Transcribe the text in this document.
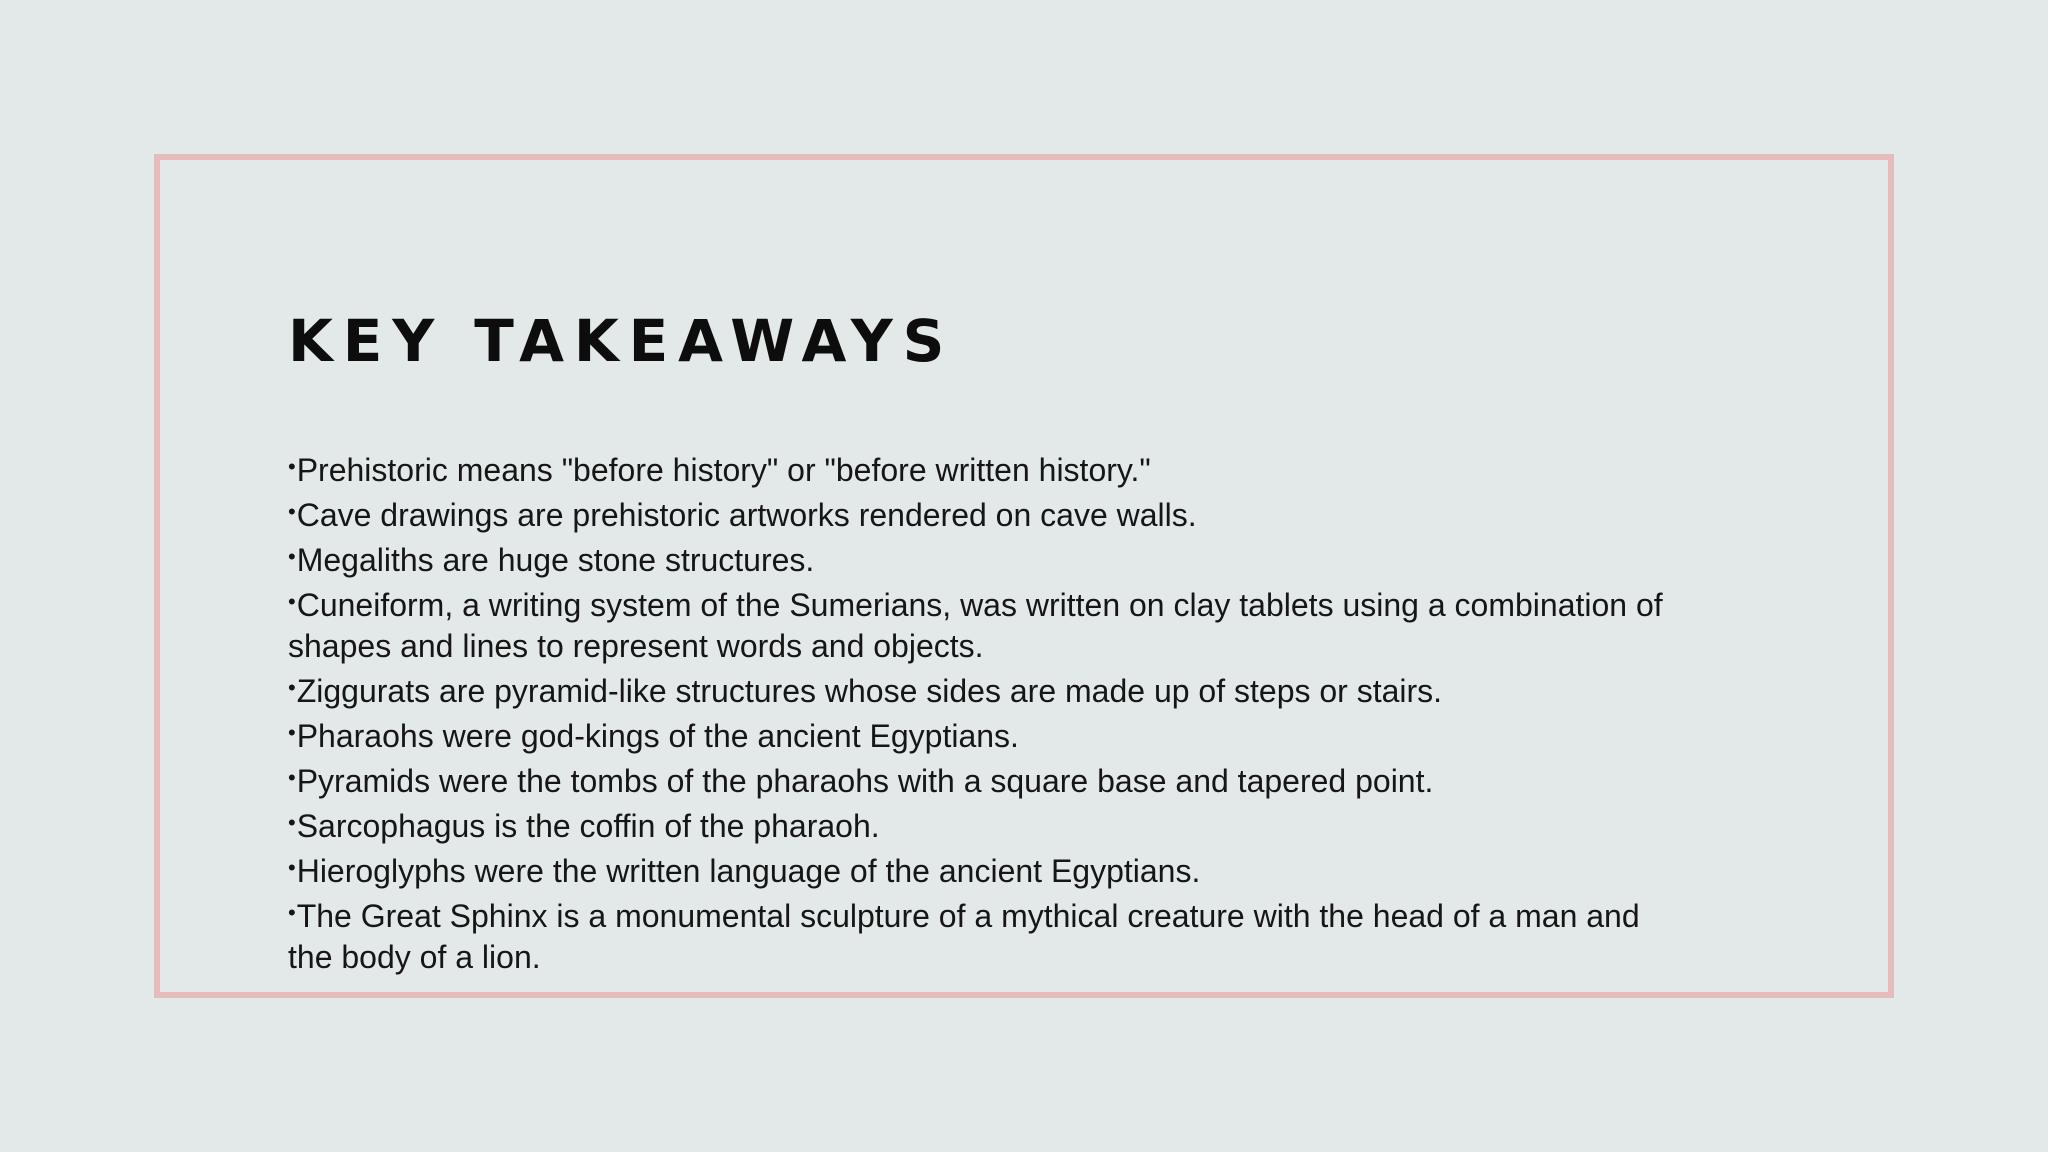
KEY TAKEAWAYS
•Prehistoric means "before history" or "before written history."
•Cave drawings are prehistoric artworks rendered on cave walls.
•Megaliths are huge stone structures.
•Cuneiform, a writing system of the Sumerians, was written on clay tablets using a combination of shapes and lines to represent words and objects.
•Ziggurats are pyramid-like structures whose sides are made up of steps or stairs.
•Pharaohs were god-kings of the ancient Egyptians.
•Pyramids were the tombs of the pharaohs with a square base and tapered point.
•Sarcophagus is the coffin of the pharaoh.
•Hieroglyphs were the written language of the ancient Egyptians.
•The Great Sphinx is a monumental sculpture of a mythical creature with the head of a man and the body of a lion.
